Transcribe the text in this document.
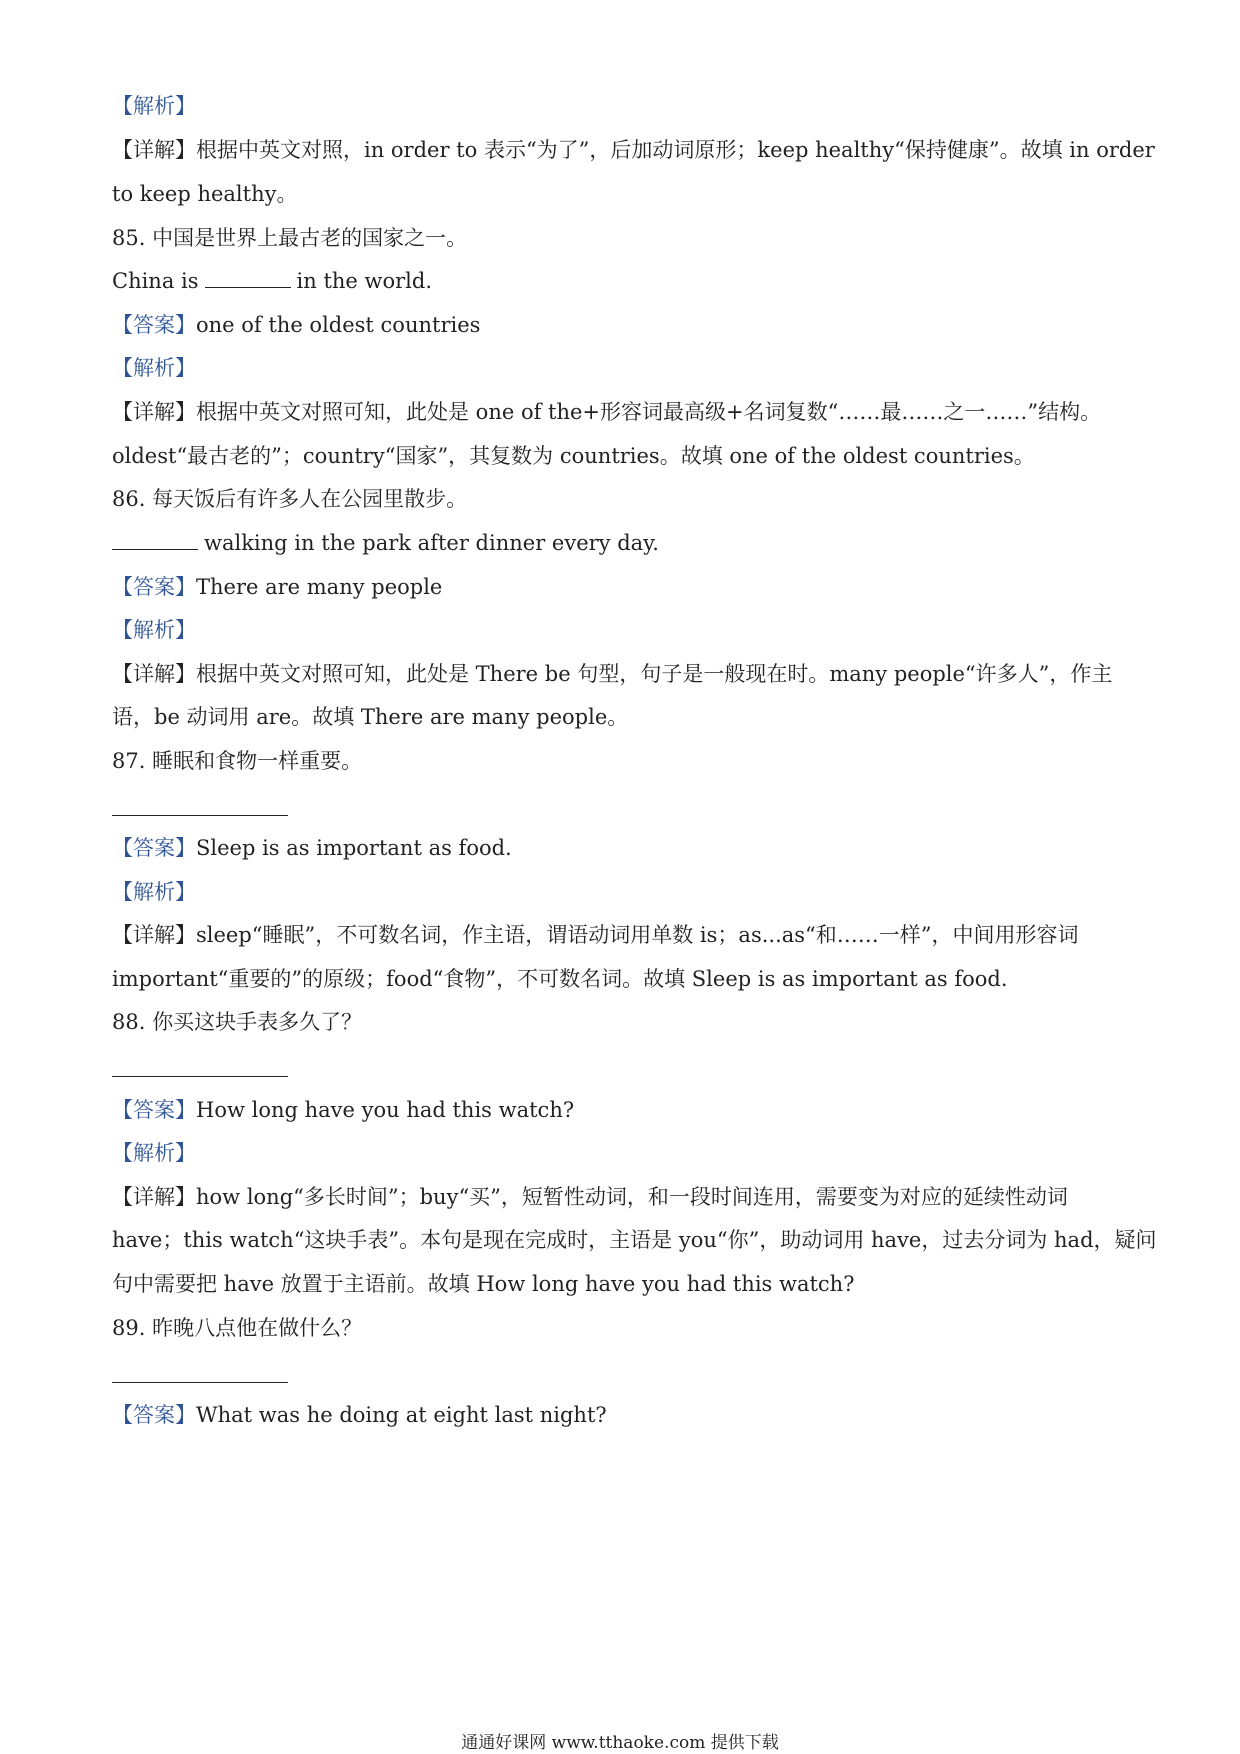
【解析】
【详解】根据中英文对照，in order to 表示“为了”，后加动词原形；keep healthy“保持健康”。故填 in order
to keep healthy。
85. 中国是世界上最古老的国家之一。
China is	in the world.
【答案】one of the oldest countries
【解析】
【详解】根据中英文对照可知，此处是 one of the+形容词最高级+名词复数“……最……之一……”结构。
oldest“最古老的”；country“国家”，其复数为 countries。故填 one of the oldest countries。
86. 每天饭后有许多人在公园里散步。
walking in the park after dinner every day.
【答案】There are many people
【解析】
【详解】根据中英文对照可知，此处是 There be 句型，句子是一般现在时。many people“许多人”，作主
语，be 动词用 are。故填 There are many people。
87. 睡眠和食物一样重要。
【答案】Sleep is as important as food.
【解析】
【详解】sleep“睡眠”，不可数名词，作主语，谓语动词用单数 is；as...as“和……一样”，中间用形容词
important“重要的”的原级；food“食物”，不可数名词。故填 Sleep is as important as food.
88. 你买这块手表多久了？
【答案】How long have you had this watch?
【解析】
【详解】how long“多长时间”；buy“买”，短暂性动词，和一段时间连用，需要变为对应的延续性动词
have；this watch“这块手表”。本句是现在完成时，主语是 you“你”，助动词用 have，过去分词为 had，疑问
句中需要把 have 放置于主语前。故填 How long have you had this watch?
89. 昨晚八点他在做什么？
【答案】What was he doing at eight last night?
通通好课网 www.tthaoke.com 提供下载
